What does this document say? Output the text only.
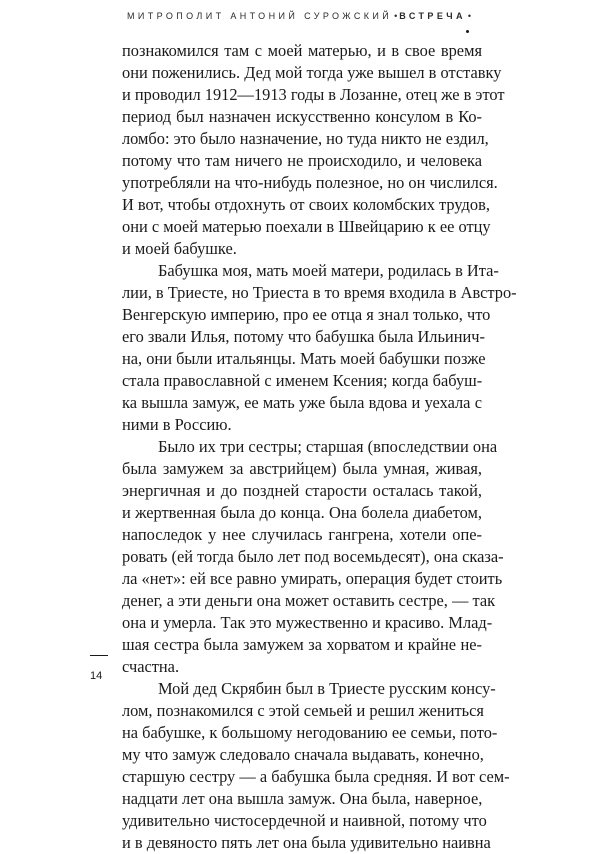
МИТРОПОЛИТ АНТОНИЙ СУРОЖСКИЙ • ВСТРЕЧА •
познакомился там с моей матерью, и в свое время
они поженились. Дед мой тогда уже вышел в отставку
и проводил 1912—1913 годы в Лозанне, отец же в этот
период был назначен искусственно консулом в Ко-
ломбо: это было назначение, но туда никто не ездил,
потому что там ничего не происходило, и человека
употребляли на что-нибудь полезное, но он числился.
И вот, чтобы отдохнуть от своих коломбских трудов,
они с моей матерью поехали в Швейцарию к ее отцу
и моей бабушке.
Бабушка моя, мать моей матери, родилась в Ита-
лии, в Триесте, но Триеста в то время входила в Австро-
Венгерскую империю, про ее отца я знал только, что
его звали Илья, потому что бабушка была Ильинич-
на, они были итальянцы. Мать моей бабушки позже
стала православной с именем Ксения; когда бабуш-
ка вышла замуж, ее мать уже была вдова и уехала с
ними в Россию.
Было их три сестры; старшая (впоследствии она
была замужем за австрийцем) была умная, живая,
энергичная и до поздней старости осталась такой,
и жертвенная была до конца. Она болела диабетом,
напоследок у нее случилась гангрена, хотели опе-
ровать (ей тогда было лет под восемьдесят), она сказа-
ла «нет»: ей все равно умирать, операция будет стоить
денег, а эти деньги она может оставить сестре, — так
она и умерла. Так это мужественно и красиво. Млад-
шая сестра была замужем за хорватом и крайне не-
счастна.
Мой дед Скрябин был в Триесте русским консу-
лом, познакомился с этой семьей и решил жениться
на бабушке, к большому негодованию ее семьи, пото-
му что замуж следовало сначала выдавать, конечно,
старшую сестру — а бабушка была средняя. И вот сем-
надцати лет она вышла замуж. Она была, наверное,
удивительно чистосердечной и наивной, потому что
и в девяносто пять лет она была удивительно наивна
14
